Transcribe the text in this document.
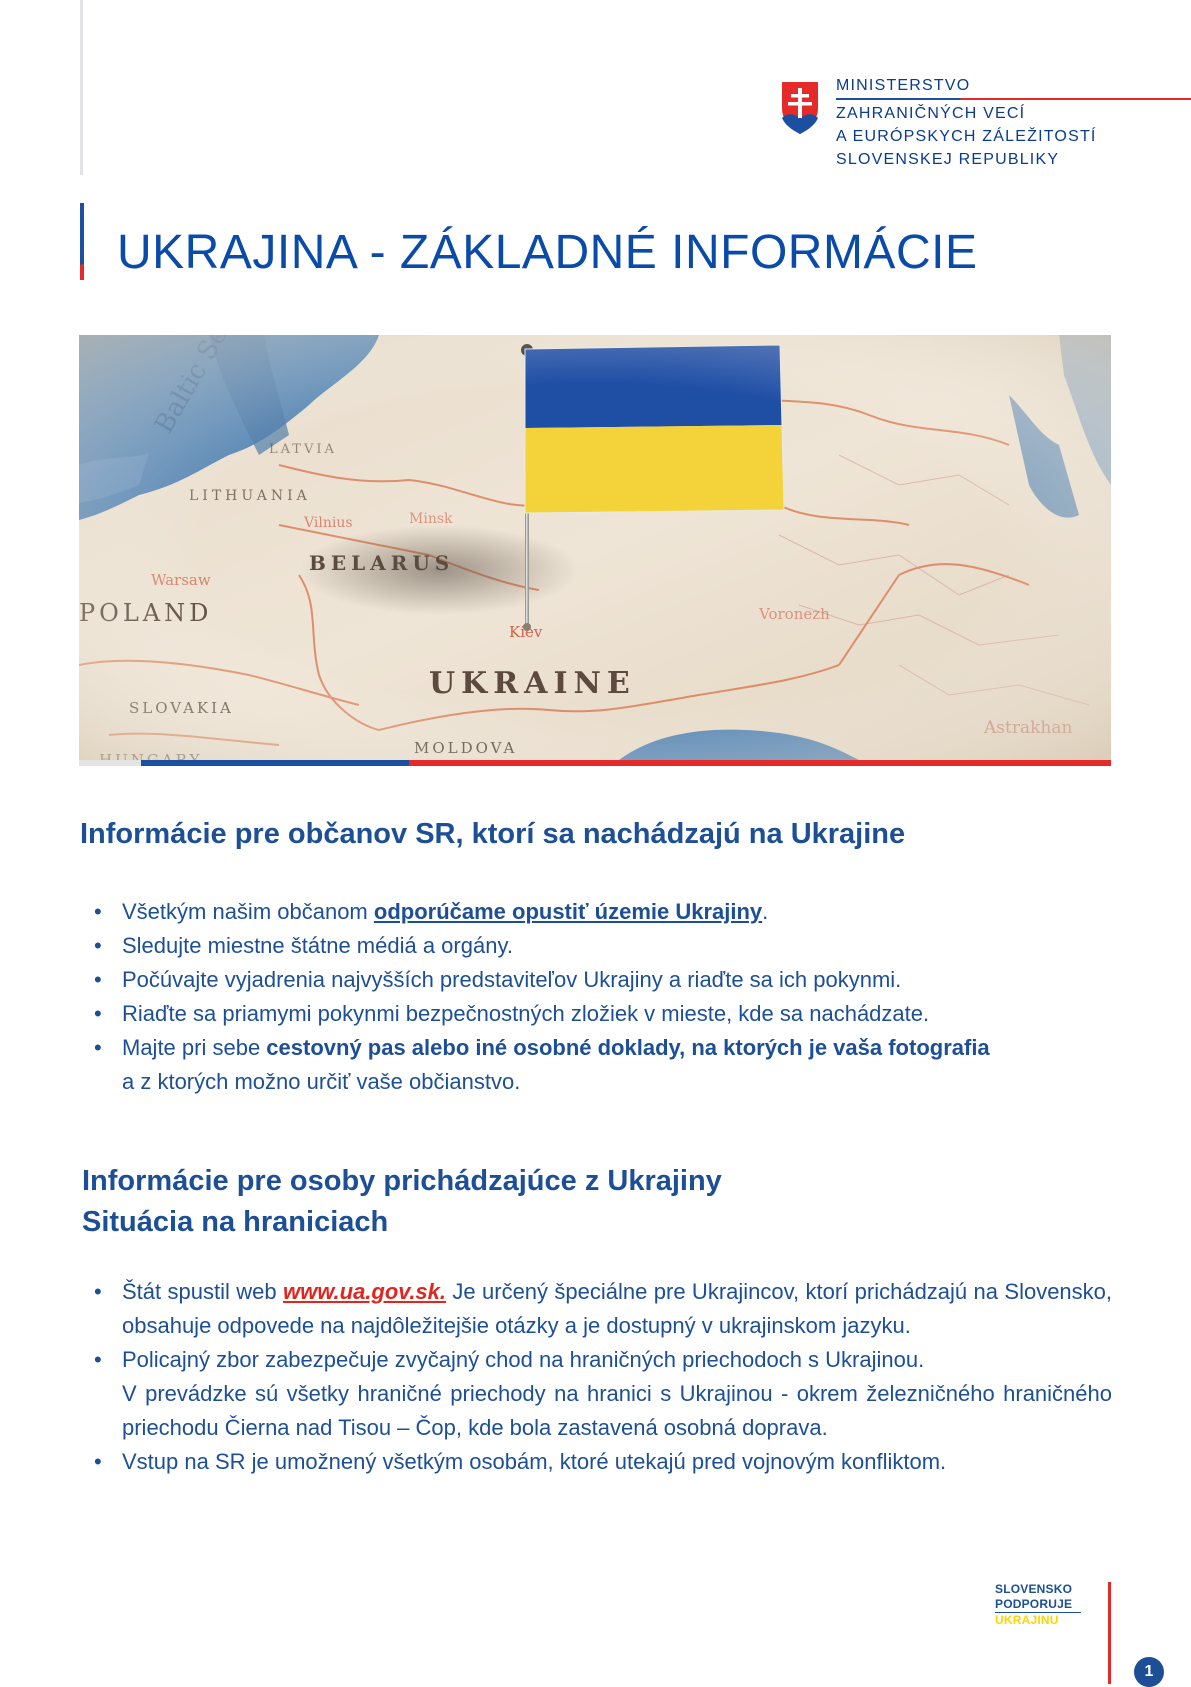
MINISTERSTVO
ZAHRANIČNÝCH VECÍ
A EURÓPSKYCH ZÁLEŽITOSTÍ
SLOVENSKEJ REPUBLIKY
UKRAJINA - ZÁKLADNÉ INFORMÁCIE
Informácie pre občanov SR, ktorí sa nachádzajú na Ukrajine
• Všetkým našim občanom odporúčame opustiť územie Ukrajiny.
• Sledujte miestne štátne médiá a orgány.
• Počúvajte vyjadrenia najvyšších predstaviteľov Ukrajiny a riaďte sa ich pokynmi.
• Riaďte sa priamymi pokynmi bezpečnostných zložiek v mieste, kde sa nachádzate.
• Majte pri sebe cestovný pas alebo iné osobné doklady, na ktorých je vaša fotografia
a z ktorých možno určiť vaše občianstvo.
Informácie pre osoby prichádzajúce z Ukrajiny
Situácia na hraniciach
• Štát spustil web www.ua.gov.sk. Je určený špeciálne pre Ukrajincov, ktorí prichádzajú na Slovensko, obsahuje odpovede na najdôležitejšie otázky a je dostupný v ukrajinskom jazyku.
• Policajný zbor zabezpečuje zvyčajný chod na hraničných priechodoch s Ukrajinou.
V prevádzke sú všetky hraničné priechody na hranici s Ukrajinou - okrem železničného hraničného priechodu Čierna nad Tisou – Čop, kde bola zastavená osobná doprava.
• Vstup na SR je umožnený všetkým osobám, ktoré utekajú pred vojnovým konfliktom.
SLOVENSKO
PODPORUJE
UKRAJINU
1
